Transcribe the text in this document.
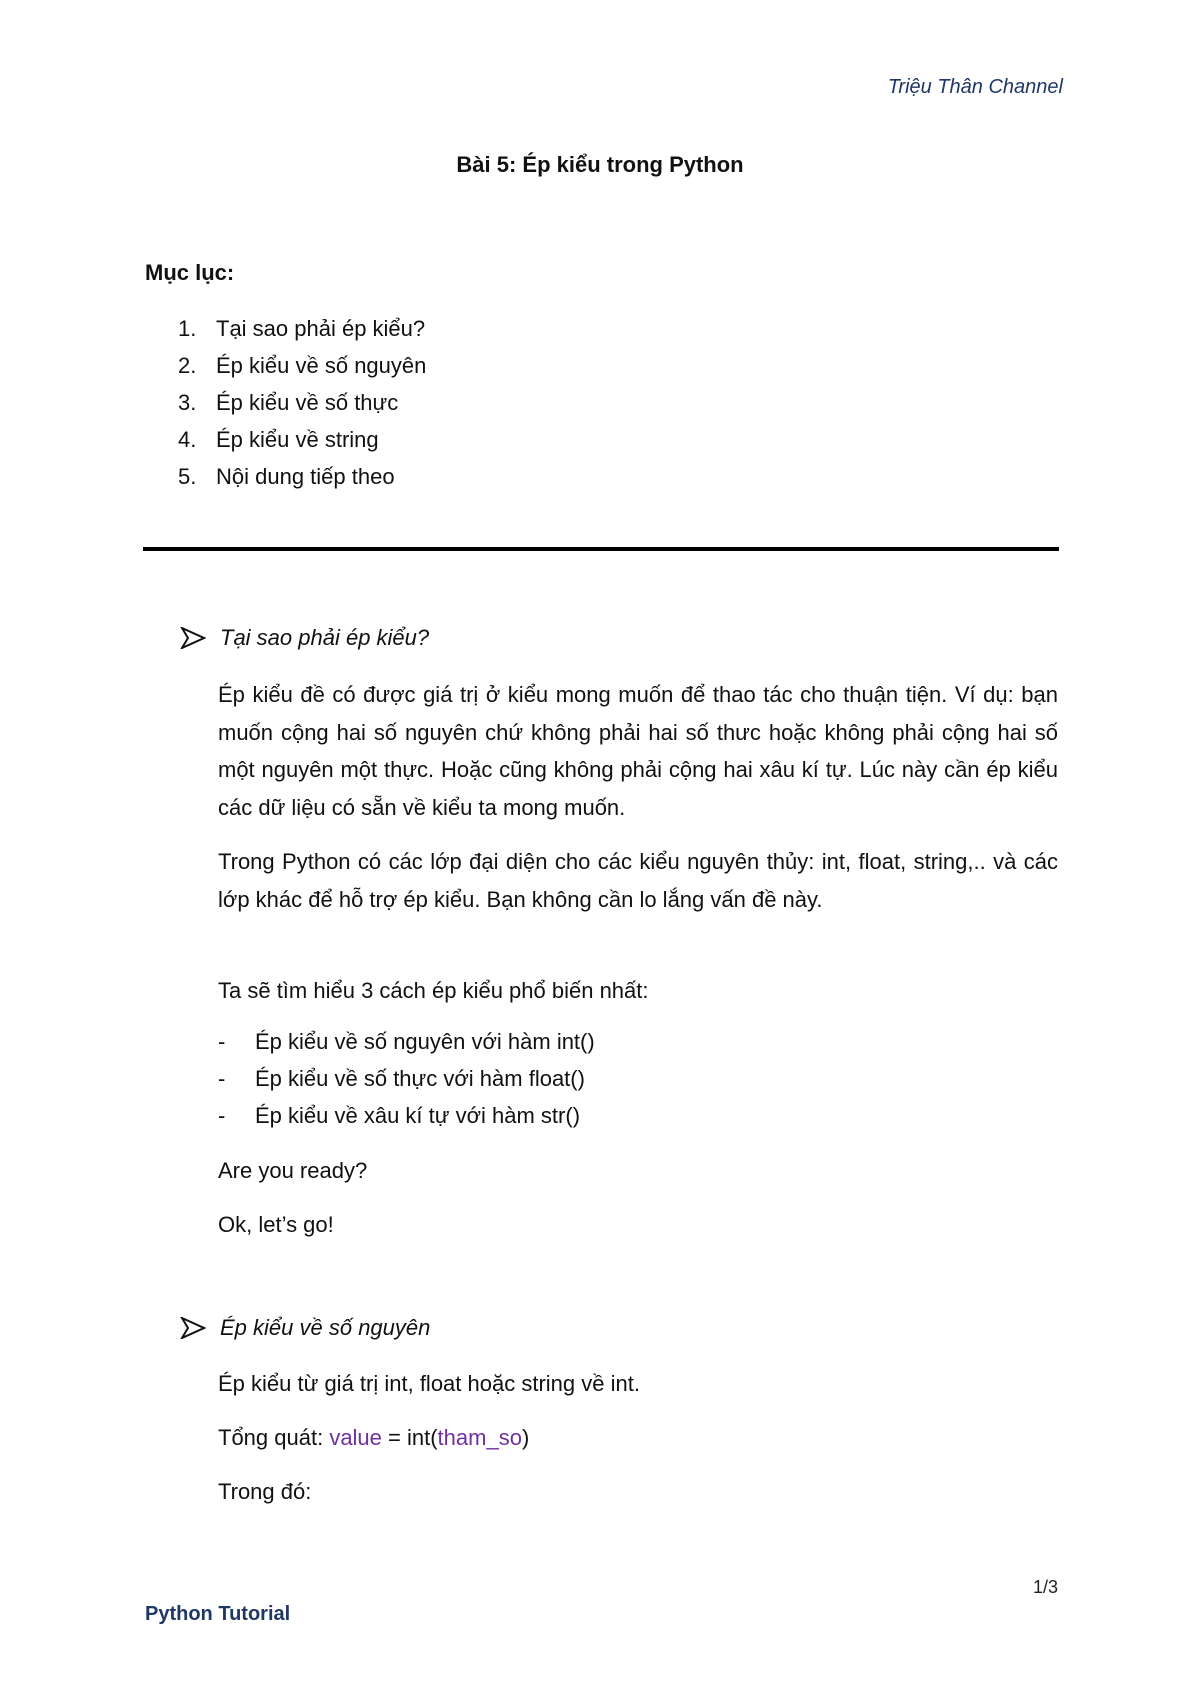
Triệu Thân Channel
Bài 5: Ép kiểu trong Python
Mục lục:
1. Tại sao phải ép kiểu?
2. Ép kiểu về số nguyên
3. Ép kiểu về số thực
4. Ép kiểu về string
5. Nội dung tiếp theo
Tại sao phải ép kiểu?
Ép kiểu đề có được giá trị ở kiểu mong muốn để thao tác cho thuận tiện. Ví dụ: bạn muốn cộng hai số nguyên chứ không phải hai số thưc hoặc không phải cộng hai số một nguyên một thực. Hoặc cũng không phải cộng hai xâu kí tự. Lúc này cần ép kiểu các dữ liệu có sẵn về kiểu ta mong muốn.
Trong Python có các lớp đại diện cho các kiểu nguyên thủy: int, float, string,.. và các lớp khác để hỗ trợ ép kiểu. Bạn không cần lo lắng vấn đề này.
Ta sẽ tìm hiểu 3 cách ép kiểu phổ biến nhất:
-	Ép kiểu về số nguyên với hàm int()
-	Ép kiểu về số thực với hàm float()
-	Ép kiểu về xâu kí tự với hàm str()
Are you ready?
Ok, let’s go!
Ép kiểu về số nguyên
Ép kiểu từ giá trị int, float hoặc string về int.
Tổng quát: value = int(tham_so)
Trong đó:
1/3
Python Tutorial
